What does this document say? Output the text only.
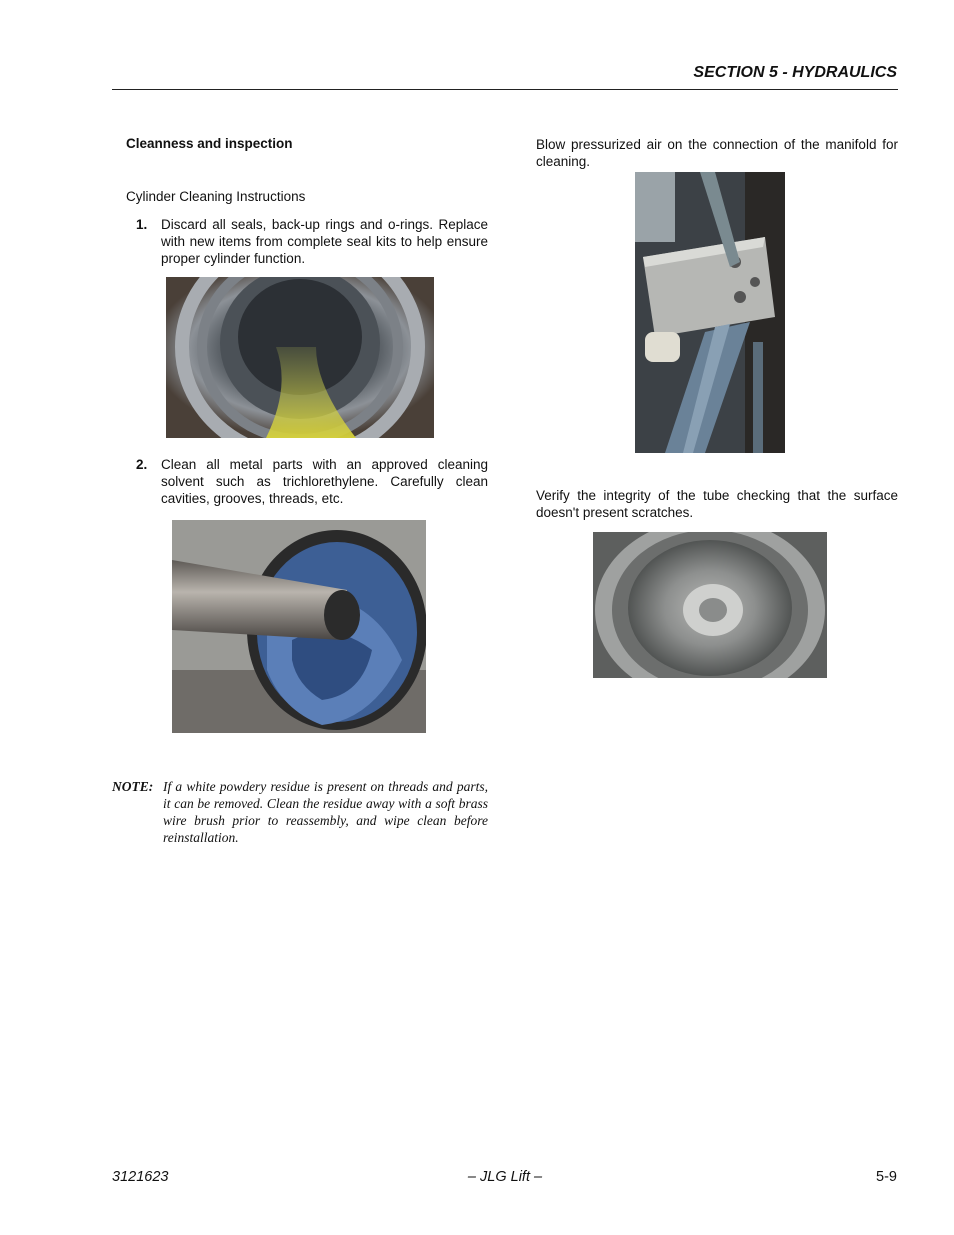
SECTION 5 - HYDRAULICS
Cleanness and inspection
Cylinder Cleaning Instructions
1. Discard all seals, back-up rings and o-rings. Replace with new items from complete seal kits to help ensure proper cylinder function.
2. Clean all metal parts with an approved cleaning solvent such as trichlorethylene. Carefully clean cavities, grooves, threads, etc.
NOTE: If a white powdery residue is present on threads and parts, it can be removed. Clean the residue away with a soft brass wire brush prior to reassembly, and wipe clean before reinstallation.
Blow pressurized air on the connection of the manifold for cleaning.
Verify the integrity of the tube checking that the surface doesn't present scratches.
3121623	– JLG Lift –	5-9
